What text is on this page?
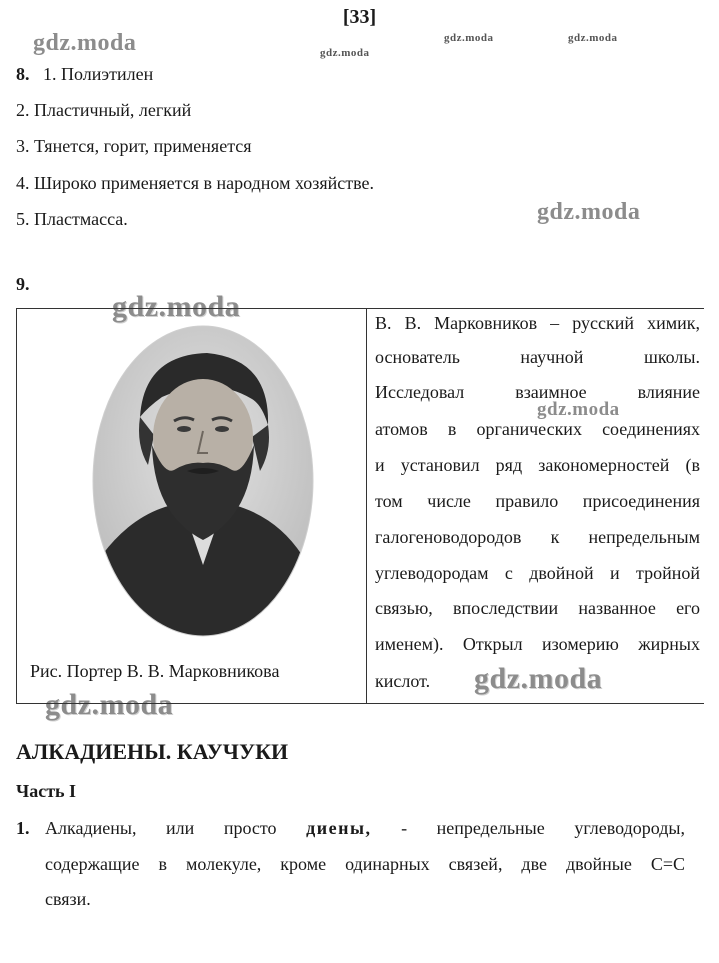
[33]
gdz.moda	gdz.moda
gdz.moda	gdz.moda
gdz.moda
gdz.moda
gdz.moda
gdz.moda
gdz.moda
8. 1. Полиэтилен
2. Пластичный, легкий
3. Тянется, горит, применяется
4. Широко применяется в народном хозяйстве.
5. Пластмасса.
9.
Рис. Портер В. В. Марковникова
В. В. Марковников – русский химик,
основатель научной школы.
Исследовал взаимное влияние
атомов в органических соединениях
и установил ряд закономерностей (в
том числе правило присоединения
галогеноводородов к непредельным
углеводородам с двойной и тройной
связью, впоследствии названное его
именем). Открыл изомерию жирных
кислот.
АЛКАДИЕНЫ. КАУЧУКИ
Часть I
1. Алкадиены, или просто диены, - непредельные углеводороды,
содержащие в молекуле, кроме одинарных связей, две двойные С=С
связи.
